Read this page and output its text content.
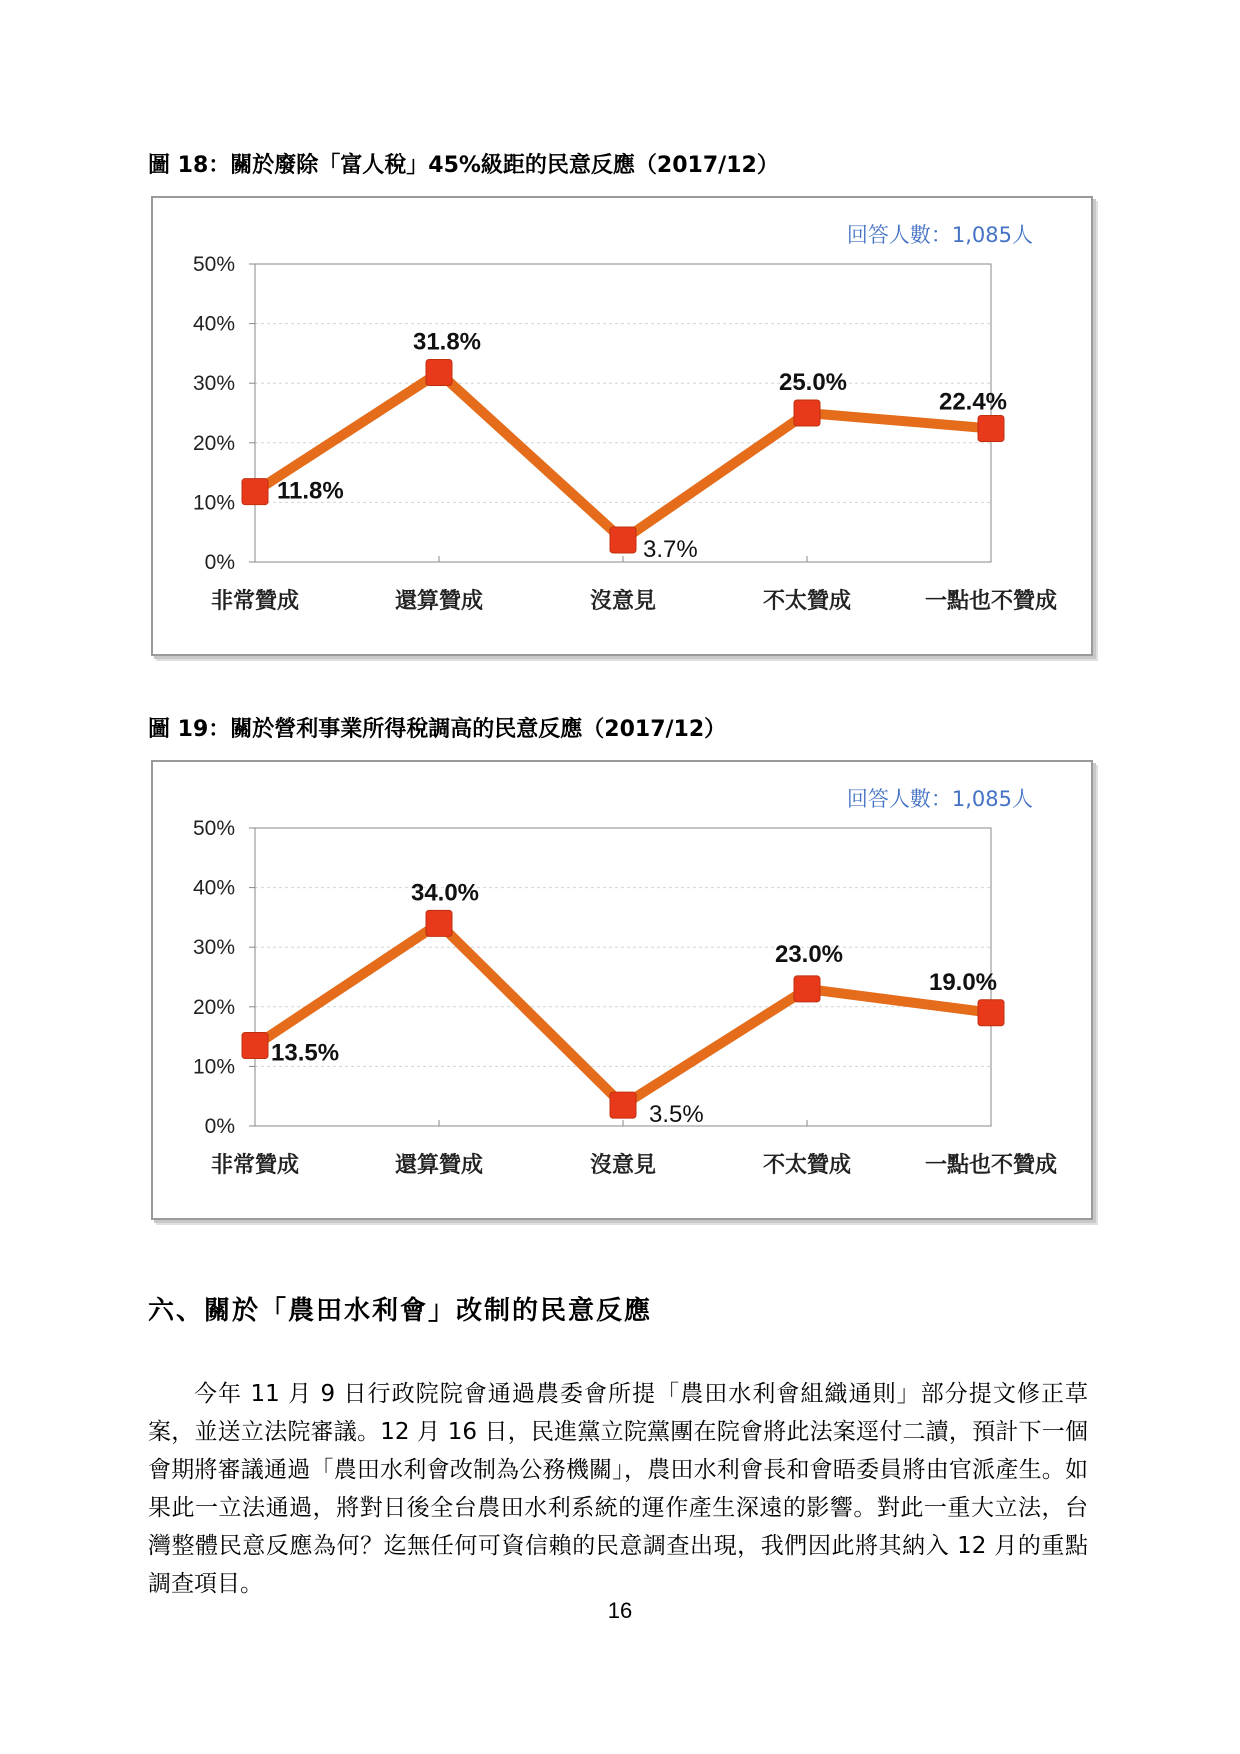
圖 18：關於廢除「富人稅」45%級距的民意反應（2017/12）
0%
10%
20%
30%
40%
50%
非常贊成	還算贊成	沒意見	不太贊成	一點也不贊成
11.8%
31.8%
3.7%
25.0%
22.4%
回答人數：1,085人
圖 19：關於營利事業所得稅調高的民意反應（2017/12）
0%
10%
20%
30%
40%
50%
非常贊成	還算贊成	沒意見	不太贊成	一點也不贊成
13.5%
34.0%
3.5%
23.0%
19.0%
回答人數：1,085人
六、關於「農田水利會」改制的民意反應

今年 11 月 9 日行政院院會通過農委會所提「農田水利會組織通則」部分提文修正草案，並送立法院審議。12 月 16 日，民進黨立院黨團在院會將此法案逕付二讀，預計下一個會期將審議通過「農田水利會改制為公務機關」，農田水利會長和會晤委員將由官派產生。如果此一立法通過，將對日後全台農田水利系統的運作產生深遠的影響。對此一重大立法，台灣整體民意反應為何？迄無任何可資信賴的民意調查出現，我們因此將其納入 12 月的重點調查項目。

16
